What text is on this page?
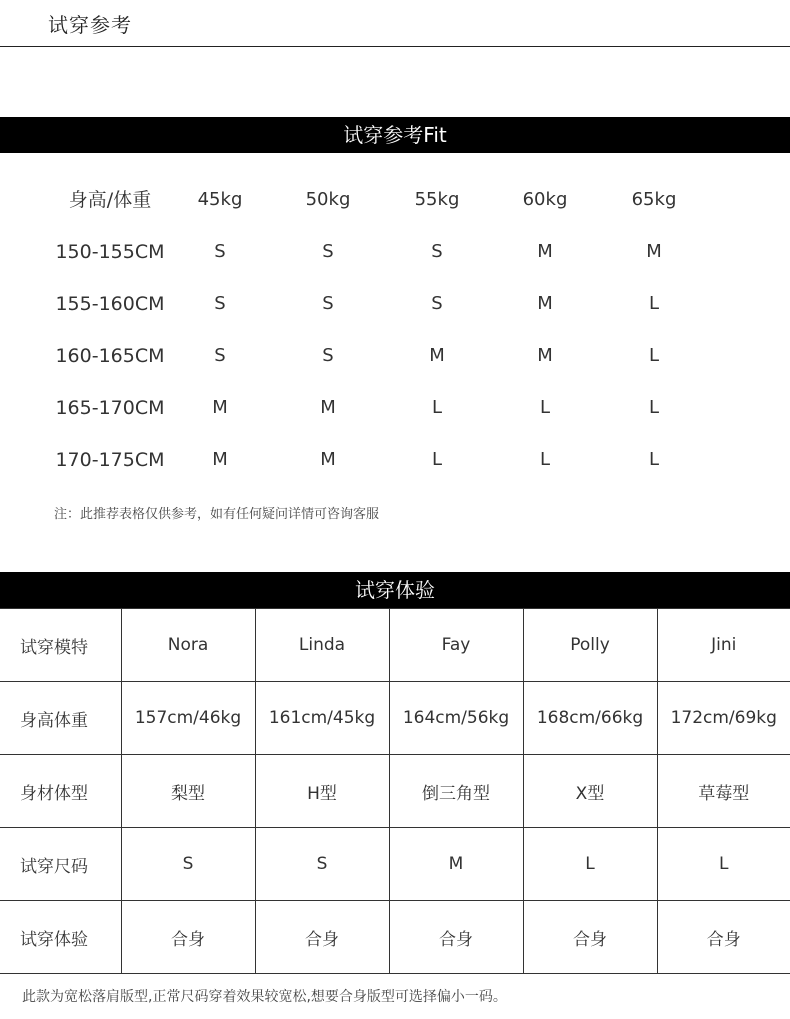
试穿参考
试穿参考Fit
身高/体重	45kg	50kg	55kg	60kg	65kg
150-155CM	S	S	S	M	M
155-160CM	S	S	S	M	L
160-165CM	S	S	M	M	L
165-170CM	M	M	L	L	L
170-175CM	M	M	L	L	L
注：此推荐表格仅供参考，如有任何疑问详情可咨询客服
试穿体验
试穿模特	Nora	Linda	Fay	Polly	Jini
身高体重	157cm/46kg	161cm/45kg	164cm/56kg	168cm/66kg	172cm/69kg
身材体型	梨型	H型	倒三角型	X型	草莓型
试穿尺码	S	S	M	L	L
试穿体验	合身	合身	合身	合身	合身
此款为宽松落肩版型,正常尺码穿着效果较宽松,想要合身版型可选择偏小一码。
